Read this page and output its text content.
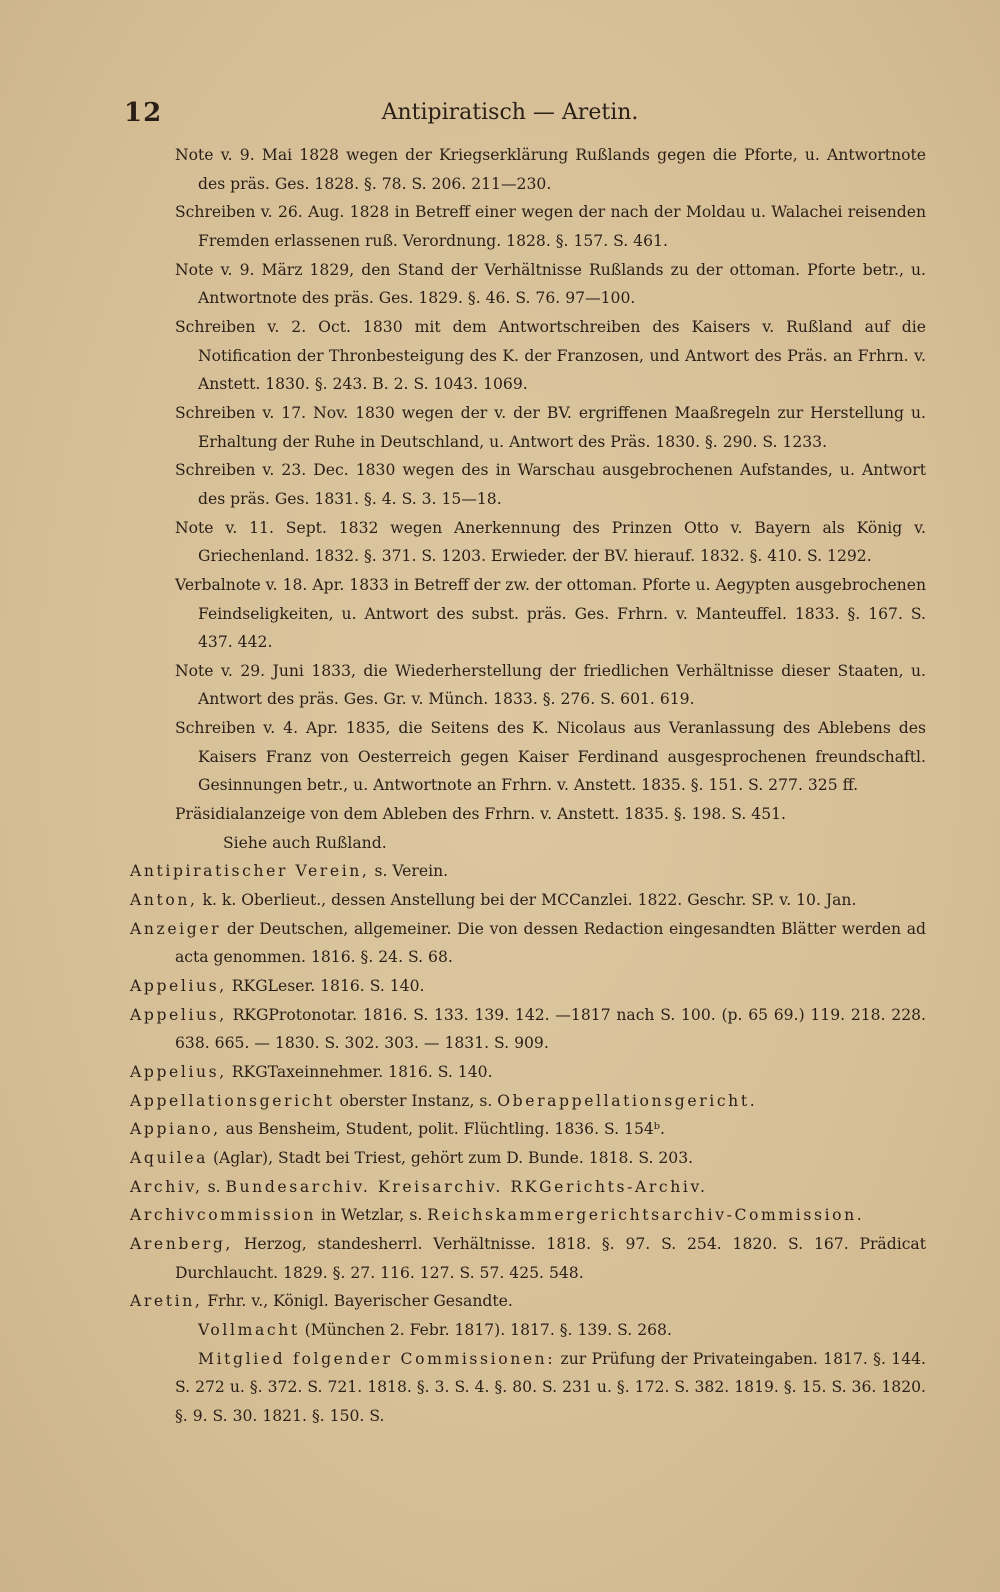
12	Antipiratisch — Aretin.
Note v. 9. Mai 1828 wegen der Kriegserklärung Rußlands gegen die Pforte, u. Antwortnote des präs. Ges. 1828. §. 78. S. 206. 211—230.
Schreiben v. 26. Aug. 1828 in Betreff einer wegen der nach der Moldau u. Walachei reisenden Fremden erlassenen ruß. Verordnung. 1828. §. 157. S. 461.
Note v. 9. März 1829, den Stand der Verhältnisse Rußlands zu der ottoman. Pforte betr., u. Antwortnote des präs. Ges. 1829. §. 46. S. 76. 97—100.
Schreiben v. 2. Oct. 1830 mit dem Antwortschreiben des Kaisers v. Rußland auf die Notification der Thronbesteigung des K. der Franzosen, und Antwort des Präs. an Frhrn. v. Anstett. 1830. §. 243. B. 2. S. 1043. 1069.
Schreiben v. 17. Nov. 1830 wegen der v. der BV. ergriffenen Maaßregeln zur Herstellung u. Erhaltung der Ruhe in Deutschland, u. Antwort des Präs. 1830. §. 290. S. 1233.
Schreiben v. 23. Dec. 1830 wegen des in Warschau ausgebrochenen Aufstandes, u. Antwort des präs. Ges. 1831. §. 4. S. 3. 15—18.
Note v. 11. Sept. 1832 wegen Anerkennung des Prinzen Otto v. Bayern als König v. Griechenland. 1832. §. 371. S. 1203. Erwieder. der BV. hierauf. 1832. §. 410. S. 1292.
Verbalnote v. 18. Apr. 1833 in Betreff der zw. der ottoman. Pforte u. Aegypten ausgebrochenen Feindseligkeiten, u. Antwort des subst. präs. Ges. Frhrn. v. Manteuffel. 1833. §. 167. S. 437. 442.
Note v. 29. Juni 1833, die Wiederherstellung der friedlichen Verhältnisse dieser Staaten, u. Antwort des präs. Ges. Gr. v. Münch. 1833. §. 276. S. 601. 619.
Schreiben v. 4. Apr. 1835, die Seitens des K. Nicolaus aus Veranlassung des Ablebens des Kaisers Franz von Oesterreich gegen Kaiser Ferdinand ausgesprochenen freundschaftl. Gesinnungen betr., u. Antwortnote an Frhrn. v. Anstett. 1835. §. 151. S. 277. 325 ff.
Präsidialanzeige von dem Ableben des Frhrn. v. Anstett. 1835. §. 198. S. 451.
Siehe auch Rußland.
Antipiratischer Verein, s. Verein.
Anton, k. k. Oberlieut., dessen Anstellung bei der MCCanzlei. 1822. Geschr. SP. v. 10. Jan.
Anzeiger der Deutschen, allgemeiner. Die von dessen Redaction eingesandten Blätter werden ad acta genommen. 1816. §. 24. S. 68.
Appelius, RKGLeser. 1816. S. 140.
Appelius, RKGProtonotar. 1816. S. 133. 139. 142. —1817 nach S. 100. (p. 65 69.) 119. 218. 228. 638. 665. — 1830. S. 302. 303. — 1831. S. 909.
Appelius, RKGTaxeinnehmer. 1816. S. 140.
Appellationsgericht oberster Instanz, s. Oberappellationsgericht.
Appiano, aus Bensheim, Student, polit. Flüchtling. 1836. S. 154ᵇ.
Aquilea (Aglar), Stadt bei Triest, gehört zum D. Bunde. 1818. S. 203.
Archiv, s. Bundesarchiv. Kreisarchiv. RKGerichts-Archiv.
Archivcommission in Wetzlar, s. Reichskammergerichtsarchiv-Commission.
Arenberg, Herzog, standesherrl. Verhältnisse. 1818. §. 97. S. 254. 1820. S. 167. Prädicat Durchlaucht. 1829. §. 27. 116. 127. S. 57. 425. 548.
Aretin, Frhr. v., Königl. Bayerischer Gesandte.
Vollmacht (München 2. Febr. 1817). 1817. §. 139. S. 268.
Mitglied folgender Commissionen: zur Prüfung der Privateingaben. 1817. §. 144. S. 272 u. §. 372. S. 721. 1818. §. 3. S. 4. §. 80. S. 231 u. §. 172. S. 382. 1819. §. 15. S. 36. 1820. §. 9. S. 30. 1821. §. 150. S.
